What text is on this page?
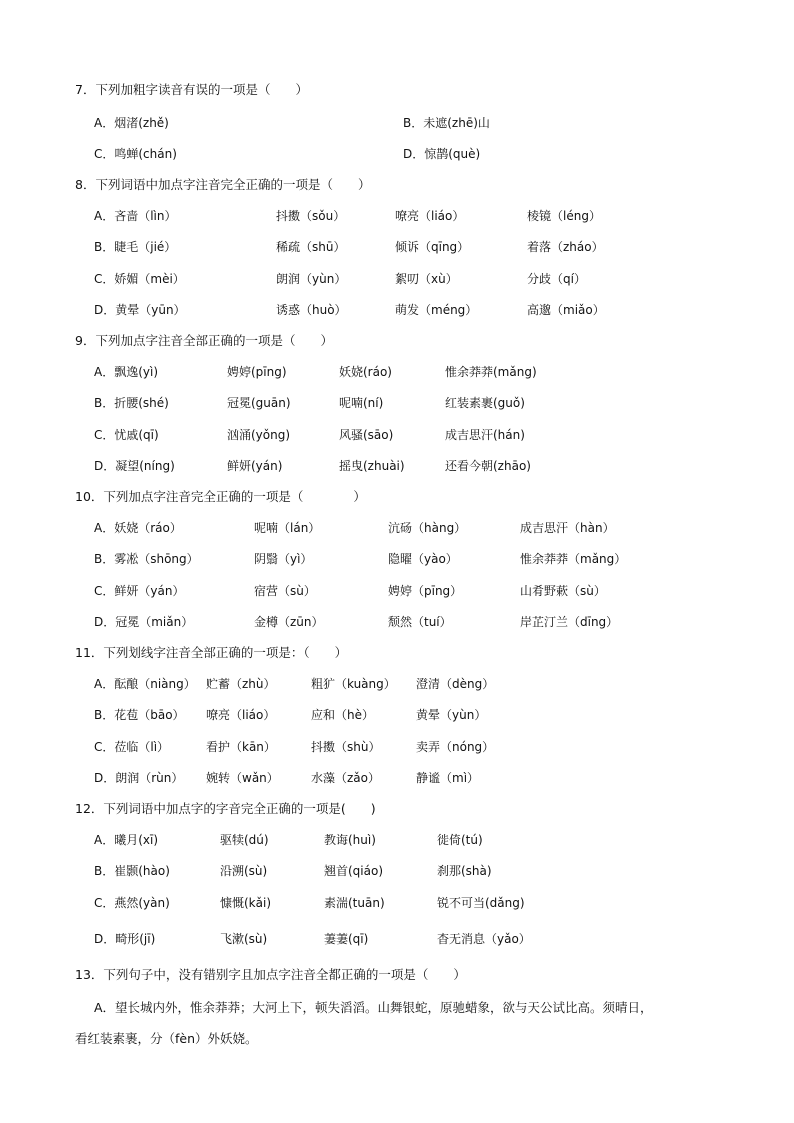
7．下列加粗字读音有误的一项是（　　）
A．烟渚(zhě)	B．未遮(zhē)山
C．鸣蝉(chán)	D．惊鹊(què)
8．下列词语中加点字注音完全正确的一项是（　　）
A．吝啬（lìn）	抖擞（sǒu）	嘹亮（liáo）	棱镜（léng）
B．睫毛（jié）	稀疏（shū）	倾诉（qīng）	着落（zháo）
C．娇媚（mèi）	朗润（yùn）	絮叨（xù）	分歧（qí）
D．黄晕（yūn）	诱惑（huò）	萌发（méng）	高邈（miǎo）
9．下列加点字注音全部正确的一项是（　　）
A．飘逸(yì)	娉婷(pīng)	妖娆(ráo)	惟余莽莽(mǎng)
B．折腰(shé)	冠冕(guān)	呢喃(ní)	红装素裹(guǒ)
C．忧戚(qī)	汹涌(yǒng)	风骚(sāo)	成吉思汗(hán)
D．凝望(níng)	鲜妍(yán)	摇曳(zhuài)	还看今朝(zhāo)
10．下列加点字注音完全正确的一项是（　　　　）
A．妖娆（ráo）	呢喃（lán）	沆砀（hàng）	成吉思汗（hàn）
B．雾凇（shōng）	阴翳（yì）	隐曜（yào）	惟余莽莽（mǎng）
C．鲜妍（yán）	宿营（sù）	娉婷（pīng）	山肴野蔌（sù）
D．冠冕（miǎn）	金樽（zūn）	颓然（tuí）	岸芷汀兰（dīng）
11．下列划线字注音全部正确的一项是：（　　）
A．酝酿（niàng） 贮蓄（zhù）	粗犷（kuàng） 澄清（dèng）
B．花苞（bāo） 嘹亮（liáo）	应和（hè）	黄晕（yùn）
C．莅临（lì）	看护（kān）	抖擞（shù）	卖弄（nóng）
D．朗润（rùn） 婉转（wǎn）	水藻（zǎo）	静谧（mì）
12．下列词语中加点字的字音完全正确的一项是(　　)
A．曦月(xī)	驱犊(dú)	教诲(huì)	徙倚(tú)
B．崔颢(hào)	沿溯(sù)	翘首(qiáo)	刹那(shà)
C．燕然(yàn)	慷慨(kǎi)	素湍(tuān)	锐不可当(dǎng)
D．畸形(jī)	飞漱(sù)	萋萋(qī)	杳无消息（yǎo）
13．下列句子中，没有错别字且加点字注音全都正确的一项是（　　）
A．望长城内外，惟余莽莽；大河上下，顿失滔滔。山舞银蛇，原驰蜡象，欲与天公试比高。须晴日，
看红装素裹，分（fèn）外妖娆。
